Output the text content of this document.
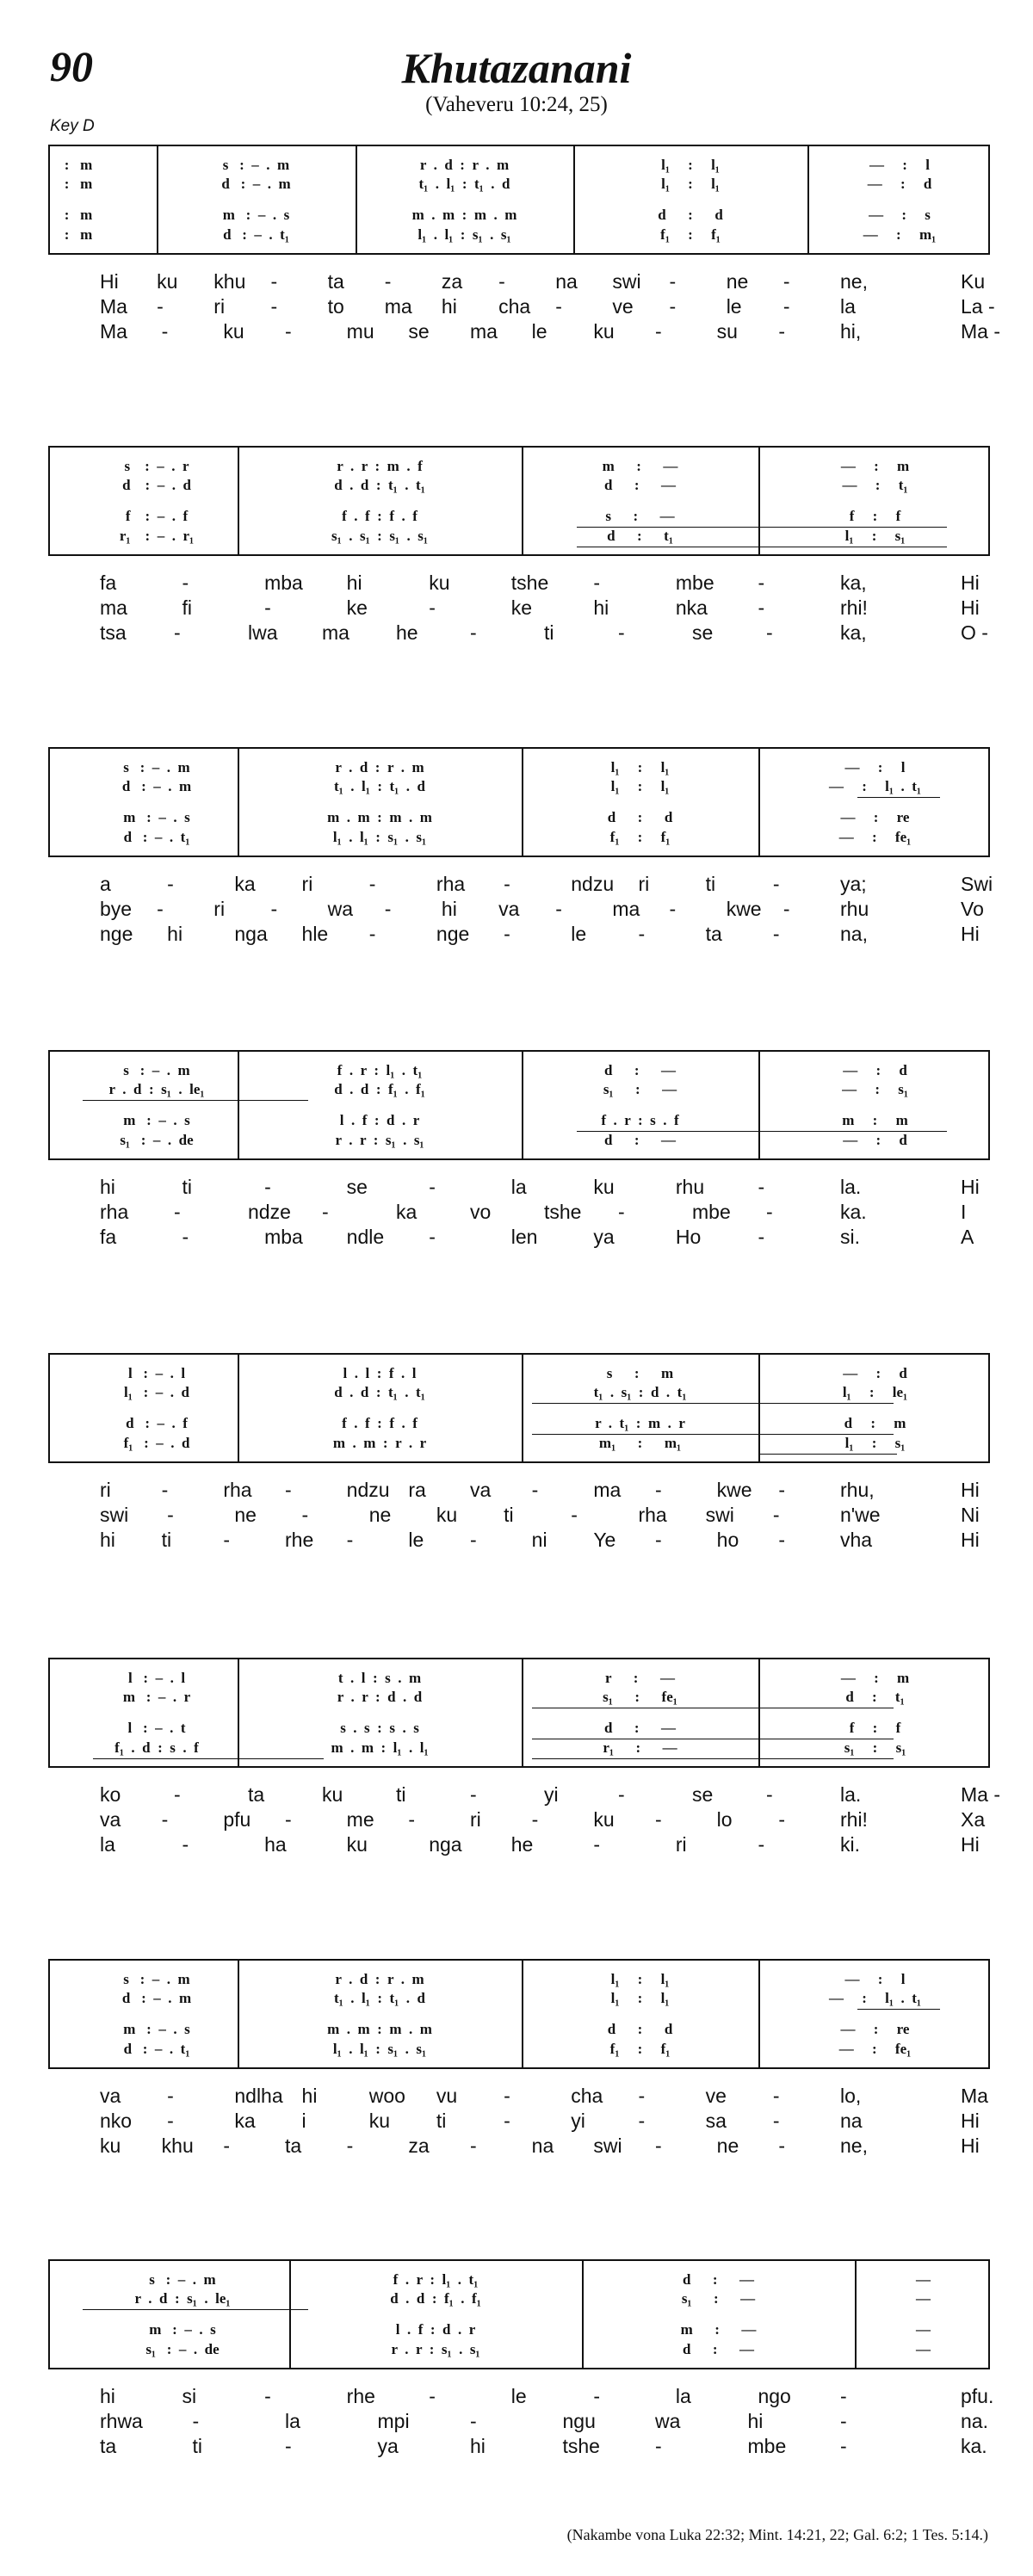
90	Khutazanani
(Vaheveru 10:24, 25)
Key D
:   m	s   :  –  .  m	r  .  d  :  r  .  m	l₁     :     l₁	—     :     l
:   m	d   :  –  .  m	t₁  .  l₁  :  t₁  .  d	l₁     :     l₁	—     :     d
:   m	m   :  –  .  s	m  .  m  :  m  .  m	d      :      d	—     :     s
:   m	d   :  –  .  t₁	l₁  .  l₁  :  s₁  .  s₁	f₁     :     f₁	—     :     m₁
Hi ku khu -	ta -	za -	na swi -	ne -	ne,	Ku
Ma -	ri -	to ma hi cha -	ve -	le -	la	La -
Ma -	ku -	mu se ma le ku -	su -	hi,	Ma -
s    :  –  .  r	r  .  r  :  m  .  f	m      :      —	—     :     m
d    :  –  .  d	d  .  d  :  t₁  .  t₁	d      :      —	—     :     t₁
f    :  –  .  f	f  .  f  :  f  .  f	s      :      —	f     :     f
r₁    :  –  .  r₁	s₁  .  s₁  :  s₁  .  s₁	d      :      t₁	l₁     :     s₁
fa	-	mba hi	ku	tshe -	mbe -	ka,	Hi
ma	fi	-	ke	-	ke	hi	nka	-	rhi!	Hi
tsa -	lwa ma he	-	ti	-	se	-	ka,	O -
s   :  –  .  m	r  .  d  :  r  .  m	l₁     :     l₁	—     :     l
d   :  –  .  m	t₁  .  l₁  :  t₁  .  d	l₁     :     l₁	—     :     l₁  .  t₁
m   :  –  .  s	m  .  m  :  m  .  m	d      :      d	—     :     re
d   :  –  .  t₁	l₁  .  l₁  :  s₁  .  s₁	f₁     :     f₁	—     :     fe₁
a	-	ka ri	-	rha -	ndzu ri	ti	-	ya;	Swi
bye -	ri -	wa -	hi va -	ma -	kwe -	rhu	Vo
nge hi	nga hle -	nge -	le	-	ta	-	na,	Hi
s   :  –  .  m	f  .  r  :  l₁  .  t₁	d      :      —	—     :     d
r  .  d  :  s₁  .  le₁	d  .  d  :  f₁  .  f₁	s₁      :      —	—     :     s₁
m   :  –  .  s	l  .  f  :  d  .  r	f  .  r  :  s  .  f	m     :     m
s₁   :  –  .  de	r  .  r  :  s₁  .  s₁	d      :      —	—     :     d
hi	ti	-	se	-	la	ku	rhu	-	la.	Hi
rha -	ndze -	ka	vo	tshe -	mbe -	ka.	I
fa	-	mba ndle -	len	ya	Ho	-	si.	A
l   :  –  .  l	l  .  l  :  f  .  l	s      :      m	—     :     d
l₁   :  –  .  d	d  .  d  :  t₁  .  t₁	t₁  .  s₁  :  d  .  t₁	l₁     :     le₁
d   :  –  .  f	f  .  f  :  f  .  f	r  .  t₁  :  m  .  r	d     :     m
f₁   :  –  .  d	m  .  m  :  r  .  r	m₁      :      m₁	l₁     :     s₁
ri	-	rha -	ndzu ra va -	ma -	kwe -	rhu,	Hi
swi -	ne -	ne ku ti	-	rha swi -	n'we	Ni
hi ti	-	rhe -	le -	ni Ye -	ho -	vha	Hi
l   :  –  .  l	t  .  l  :  s  .  m	r      :      —	—     :     m
m   :  –  .  r	r  .  r  :  d  .  d	s₁      :      fe₁	d     :     t₁
l   :  –  .  t	s  .  s  :  s  .  s	d      :      —	f     :     f
f₁  .  d  :  s  .  f	m  .  m  :  l₁  .  l₁	r₁      :      —	s₁     :     s₁
ko	-	ta	ku	ti	-	yi	-	se	-	la.	Ma -
va -	pfu -	me -	ri	-	ku -	lo -	rhi!	Xa
la	-	ha	ku	nga he	-	ri	-	ki.	Hi
s   :  –  .  m	r  .  d  :  r  .  m	l₁     :     l₁	—     :     l
d   :  –  .  m	t₁  .  l₁  :  t₁  .  d	l₁     :     l₁	—     :     l₁  .  t₁
m   :  –  .  s	m  .  m  :  m  .  m	d      :      d	—     :     re
d   :  –  .  t₁	l₁  .  l₁  :  s₁  .  s₁	f₁     :     f₁	—     :     fe₁
va -	ndlha hi	woo vu -	cha -	ve -	lo,	Ma
nko -	ka i	ku ti	-	yi	-	sa -	na	Hi
ku khu -	ta -	za -	na swi -	ne -	ne,	Hi
s   :  –  .  m	f  .  r  :  l₁  .  t₁	d      :      —	—
r  .  d  :  s₁  .  le₁	d  .  d  :  f₁  .  f₁	s₁      :      —	—
m   :  –  .  s	l  .  f  :  d  .  r	m      :      —	—
s₁   :  –  .  de	r  .  r  :  s₁  .  s₁	d      :      —	—
hi	si	-	rhe	-	le	-	la	ngo -	pfu.
rhwa	-	la	mpi	-	ngu	wa	hi	-	na.
ta	ti	-	ya	hi	tshe	-	mbe	-	ka.
(Nakambe vona Luka 22:32; Mint. 14:21, 22; Gal. 6:2; 1 Tes. 5:14.)
